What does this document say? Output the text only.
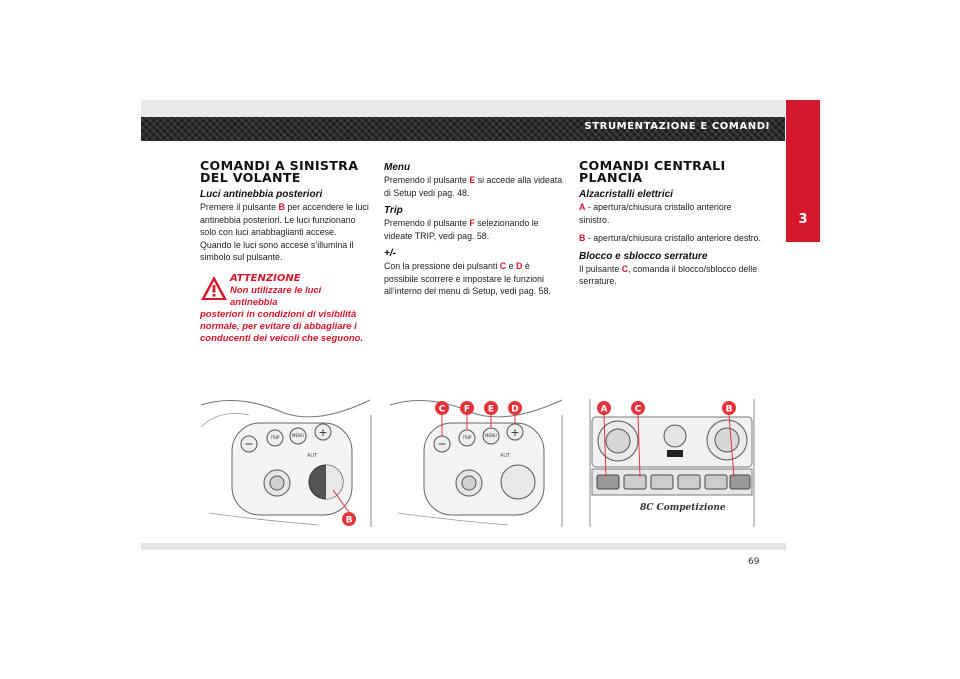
STRUMENTAZIONE E COMANDI
3
COMANDI A SINISTRA
DEL VOLANTE
Luci antinebbia posteriori

Premere il pulsante B per accendere le luci antinebbia posteriori. Le luci funzionano solo con luci anabbaglianti accese. Quando le luci sono accese s’illumina il simbolo sul pulsante.

ATTENZIONE
Non utilizzare le luci antinebbia
posteriori in condizioni di visibilità normale, per evitare di abbagliare i conducenti dei veicoli che seguono.
Menu

Premendo il pulsante E si accede alla videata di Setup vedi pag. 48.

Trip

Premendo il pulsante F selezionando le videate TRIP, vedi pag. 58.

+/-

Con la pressione dei pulsanti C e D è possibile scorrere e impostare le funzioni all’interno del menu di Setup, vedi pag. 58.

COMANDI CENTRALI
PLANCIA
Alzacristalli elettrici

A - apertura/chiusura cristallo anteriore sinistro.

B - apertura/chiusura cristallo anteriore destro.

Blocco e sblocco serrature

Il pulsante C, comanda il blocco/sblocco delle serrature.

−	TRIP	MENU +
AUT
B
−	TRIP	MENU +
AUT
C F E D
8C Competizione
A	C	B
69
